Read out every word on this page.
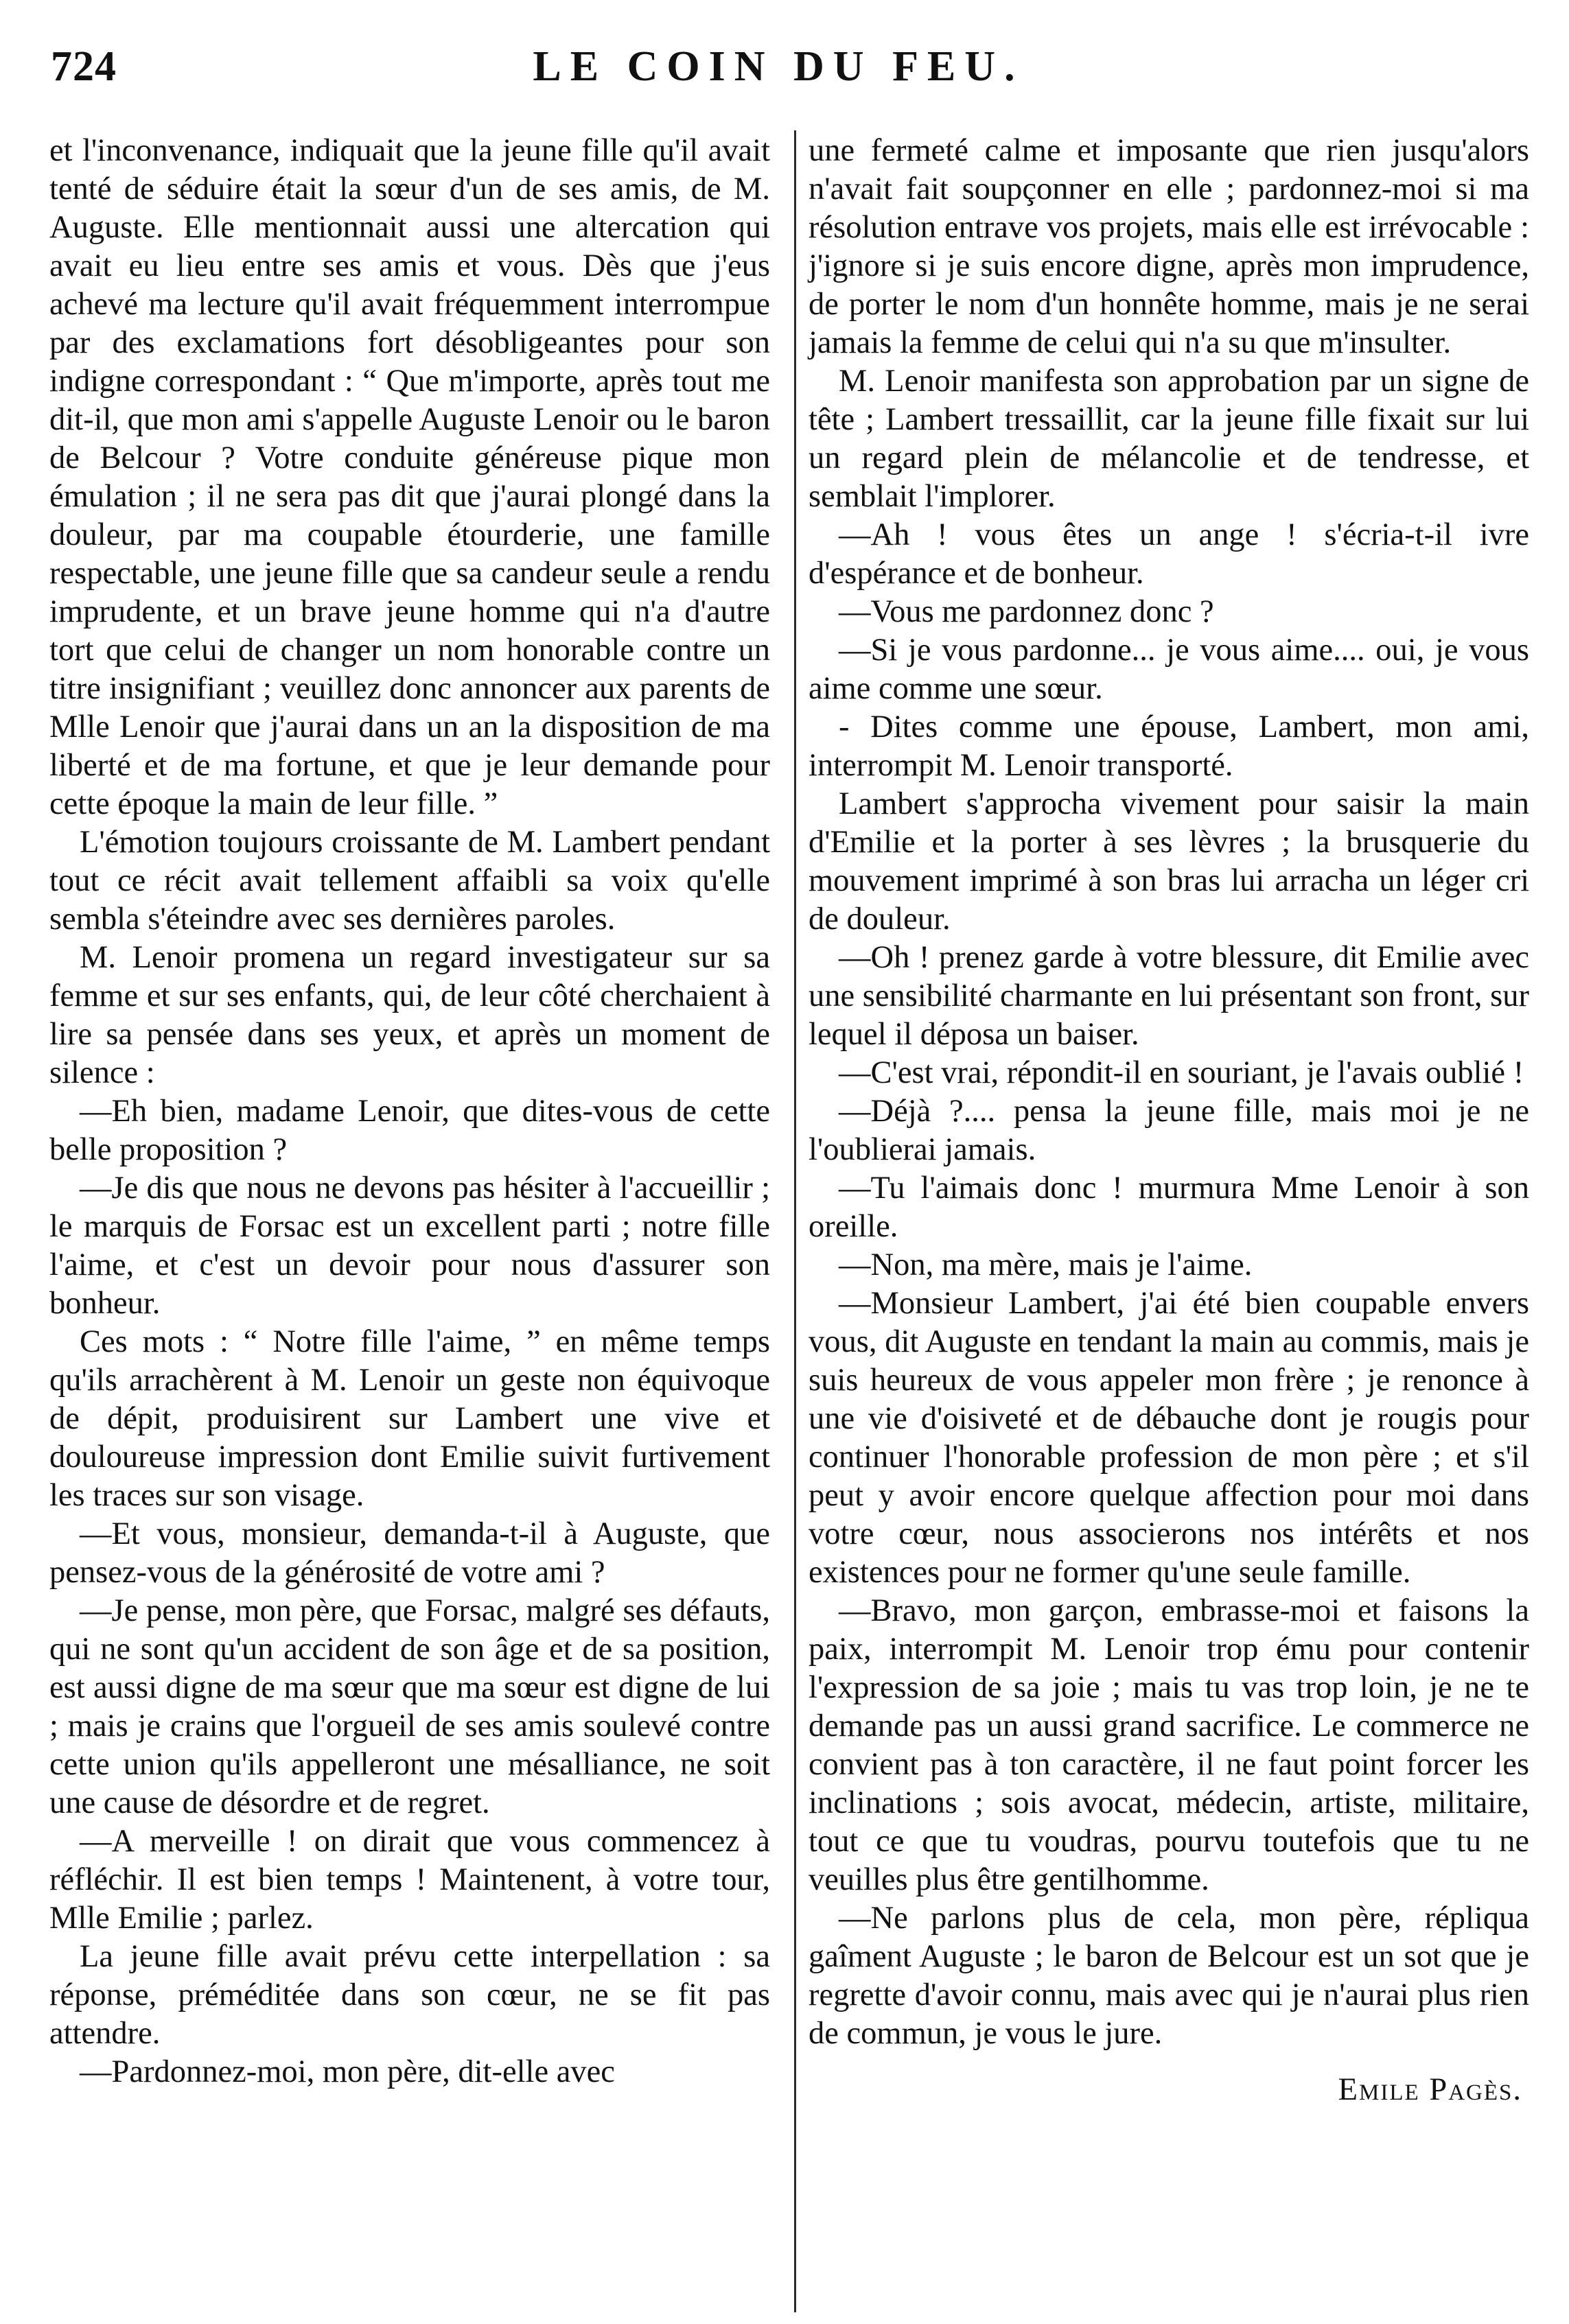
724	LE COIN DU FEU.

et l'inconvenance, indiquait que la jeune fille qu'il avait tenté de séduire était la sœur d'un de ses amis, de M. Auguste. Elle mentionnait aussi une altercation qui avait eu lieu entre ses amis et vous. Dès que j'eus achevé ma lecture qu'il avait fréquemment interrompue par des exclamations fort désobligeantes pour son indigne correspondant : “ Que m'importe, après tout me dit-il, que mon ami s'appelle Auguste Lenoir ou le baron de Belcour ? Votre conduite généreuse pique mon émulation ; il ne sera pas dit que j'aurai plongé dans la douleur, par ma coupable étourderie, une famille respectable, une jeune fille que sa candeur seule a rendu imprudente, et un brave jeune homme qui n'a d'autre tort que celui de changer un nom honorable contre un titre insignifiant ; veuillez donc annoncer aux parents de Mlle Lenoir que j'aurai dans un an la disposition de ma liberté et de ma fortune, et que je leur demande pour cette époque la main de leur fille. ”

L'émotion toujours croissante de M. Lambert pendant tout ce récit avait tellement affaibli sa voix qu'elle sembla s'éteindre avec ses dernières paroles.

M. Lenoir promena un regard investigateur sur sa femme et sur ses enfants, qui, de leur côté cherchaient à lire sa pensée dans ses yeux, et après un moment de silence :

—Eh bien, madame Lenoir, que dites-vous de cette belle proposition ?

—Je dis que nous ne devons pas hésiter à l'accueillir ; le marquis de Forsac est un excellent parti ; notre fille l'aime, et c'est un devoir pour nous d'assurer son bonheur.

Ces mots : “ Notre fille l'aime, ” en même temps qu'ils arrachèrent à M. Lenoir un geste non équivoque de dépit, produisirent sur Lambert une vive et douloureuse impression dont Emilie suivit furtivement les traces sur son visage.

—Et vous, monsieur, demanda-t-il à Auguste, que pensez-vous de la générosité de votre ami ?

—Je pense, mon père, que Forsac, malgré ses défauts, qui ne sont qu'un accident de son âge et de sa position, est aussi digne de ma sœur que ma sœur est digne de lui ; mais je crains que l'orgueil de ses amis soulevé contre cette union qu'ils appelleront une mésalliance, ne soit une cause de désordre et de regret.

—A merveille ! on dirait que vous commencez à réfléchir. Il est bien temps ! Maintenent, à votre tour, Mlle Emilie ; parlez.

La jeune fille avait prévu cette interpellation : sa réponse, préméditée dans son cœur, ne se fit pas attendre.

—Pardonnez-moi, mon père, dit-elle avec

une fermeté calme et imposante que rien jusqu'alors n'avait fait soupçonner en elle ; pardonnez-moi si ma résolution entrave vos projets, mais elle est irrévocable : j'ignore si je suis encore digne, après mon imprudence, de porter le nom d'un honnête homme, mais je ne serai jamais la femme de celui qui n'a su que m'insulter.

M. Lenoir manifesta son approbation par un signe de tête ; Lambert tressaillit, car la jeune fille fixait sur lui un regard plein de mélancolie et de tendresse, et semblait l'implorer.

—Ah ! vous êtes un ange ! s'écria-t-il ivre d'espérance et de bonheur.

—Vous me pardonnez donc ?

—Si je vous pardonne... je vous aime.... oui, je vous aime comme une sœur.

- Dites comme une épouse, Lambert, mon ami, interrompit M. Lenoir transporté.

Lambert s'approcha vivement pour saisir la main d'Emilie et la porter à ses lèvres ; la brusquerie du mouvement imprimé à son bras lui arracha un léger cri de douleur.

—Oh ! prenez garde à votre blessure, dit Emilie avec une sensibilité charmante en lui présentant son front, sur lequel il déposa un baiser.

—C'est vrai, répondit-il en souriant, je l'avais oublié !

—Déjà ?.... pensa la jeune fille, mais moi je ne l'oublierai jamais.

—Tu l'aimais donc ! murmura Mme Lenoir à son oreille.

—Non, ma mère, mais je l'aime.

—Monsieur Lambert, j'ai été bien coupable envers vous, dit Auguste en tendant la main au commis, mais je suis heureux de vous appeler mon frère ; je renonce à une vie d'oisiveté et de débauche dont je rougis pour continuer l'honorable profession de mon père ; et s'il peut y avoir encore quelque affection pour moi dans votre cœur, nous associerons nos intérêts et nos existences pour ne former qu'une seule famille.

—Bravo, mon garçon, embrasse-moi et faisons la paix, interrompit M. Lenoir trop ému pour contenir l'expression de sa joie ; mais tu vas trop loin, je ne te demande pas un aussi grand sacrifice. Le commerce ne convient pas à ton caractère, il ne faut point forcer les inclinations ; sois avocat, médecin, artiste, militaire, tout ce que tu voudras, pourvu toutefois que tu ne veuilles plus être gentilhomme.

—Ne parlons plus de cela, mon père, répliqua gaîment Auguste ; le baron de Belcour est un sot que je regrette d'avoir connu, mais avec qui je n'aurai plus rien de commun, je vous le jure.

Emile Pagès.
